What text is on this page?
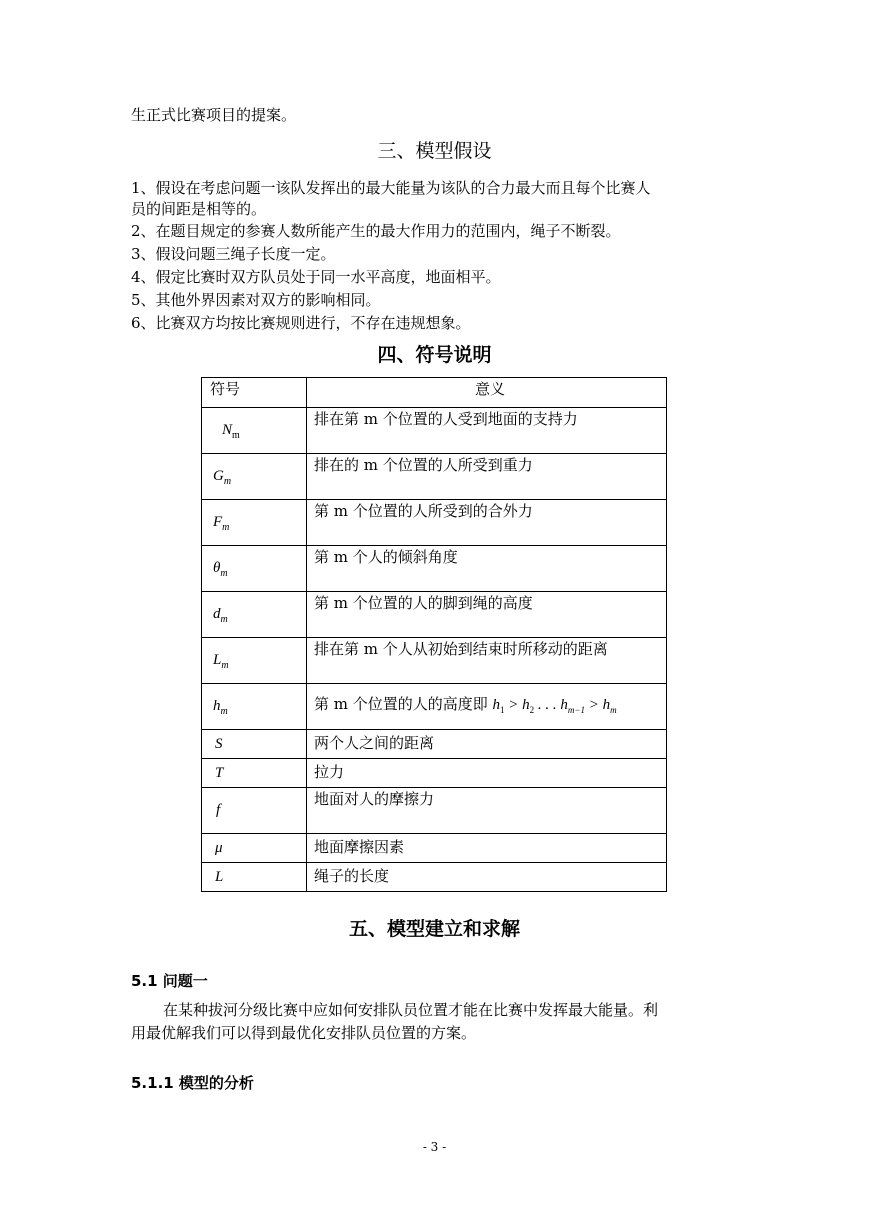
生正式比赛项目的提案。
三、模型假设
1、假设在考虑问题一该队发挥出的最大能量为该队的合力最大而且每个比赛人
员的间距是相等的。
2、在题目规定的参赛人数所能产生的最大作用力的范围内，绳子不断裂。
3、假设问题三绳子长度一定。
4、假定比赛时双方队员处于同一水平高度，地面相平。
5、其他外界因素对双方的影响相同。
6、比赛双方均按比赛规则进行，不存在违规想象。
四、符号说明
符号	意义
$N_m$	排在第 m 个位置的人受到地面的支持力
$G_m$	排在的 m 个位置的人所受到重力
$F_m$	第 m 个位置的人所受到的合外力
$\theta_m$	第 m 个人的倾斜角度
$d_m$	第 m 个位置的人的脚到绳的高度
$L_m$	排在第 m 个人从初始到结束时所移动的距离
$h_m$	第 m 个位置的人的高度即 $h_1 > h_2$ . . . $h_{m-1} > h_m$
S	两个人之间的距离
T	拉力
f	地面对人的摩擦力
μ	地面摩擦因素
L	绳子的长度
五、模型建立和求解
5.1 问题一
在某种拔河分级比赛中应如何安排队员位置才能在比赛中发挥最大能量。利
用最优解我们可以得到最优化安排队员位置的方案。
5.1.1 模型的分析
- 3 -
